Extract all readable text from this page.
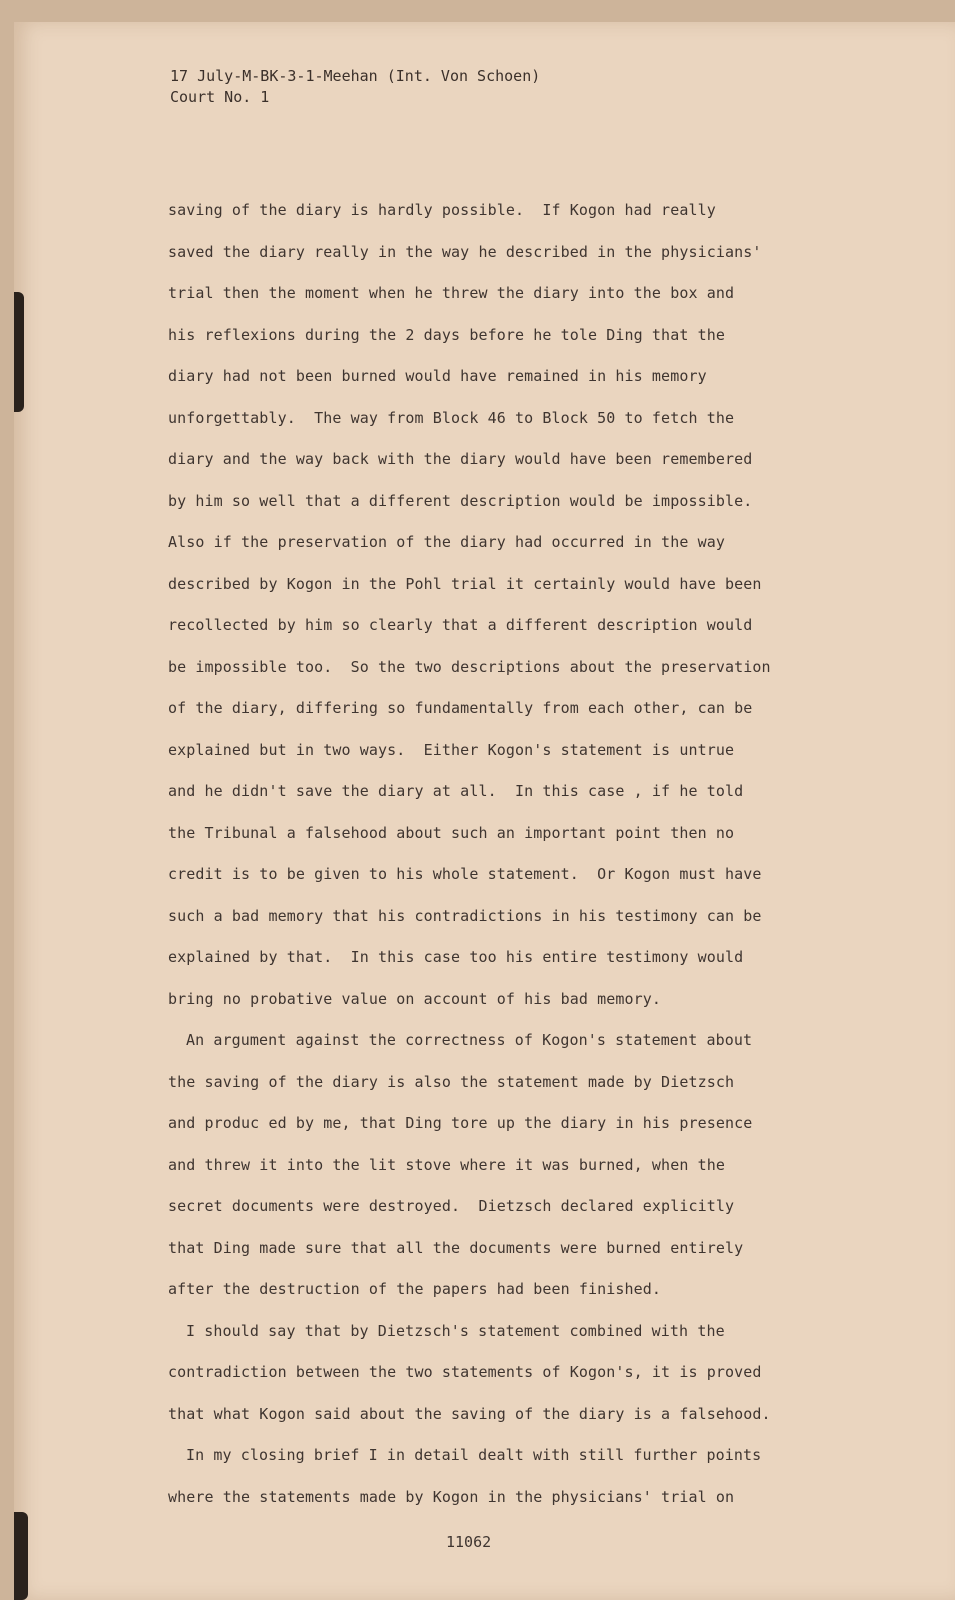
17 July-M-BK-3-1-Meehan (Int. Von Schoen)
Court No. 1
saving of the diary is hardly possible.  If Kogon had really
saved the diary really in the way he described in the physicians'
trial then the moment when he threw the diary into the box and
his reflexions during the 2 days before he tole Ding that the
diary had not been burned would have remained in his memory
unforgettably.  The way from Block 46 to Block 50 to fetch the
diary and the way back with the diary would have been remembered
by him so well that a different description would be impossible.
Also if the preservation of the diary had occurred in the way
described by Kogon in the Pohl trial it certainly would have been
recollected by him so clearly that a different description would
be impossible too.  So the two descriptions about the preservation
of the diary, differing so fundamentally from each other, can be
explained but in two ways.  Either Kogon's statement is untrue
and he didn't save the diary at all.  In this case , if he told
the Tribunal a falsehood about such an important point then no
credit is to be given to his whole statement.  Or Kogon must have
such a bad memory that his contradictions in his testimony can be
explained by that.  In this case too his entire testimony would
bring no probative value on account of his bad memory.
An argument against the correctness of Kogon's statement about
the saving of the diary is also the statement made by Dietzsch
and produc ed by me, that Ding tore up the diary in his presence
and threw it into the lit stove where it was burned, when the
secret documents were destroyed.  Dietzsch declared explicitly
that Ding made sure that all the documents were burned entirely
after the destruction of the papers had been finished.
I should say that by Dietzsch's statement combined with the
contradiction between the two statements of Kogon's, it is proved
that what Kogon said about the saving of the diary is a falsehood.
In my closing brief I in detail dealt with still further points
where the statements made by Kogon in the physicians' trial on
11062
